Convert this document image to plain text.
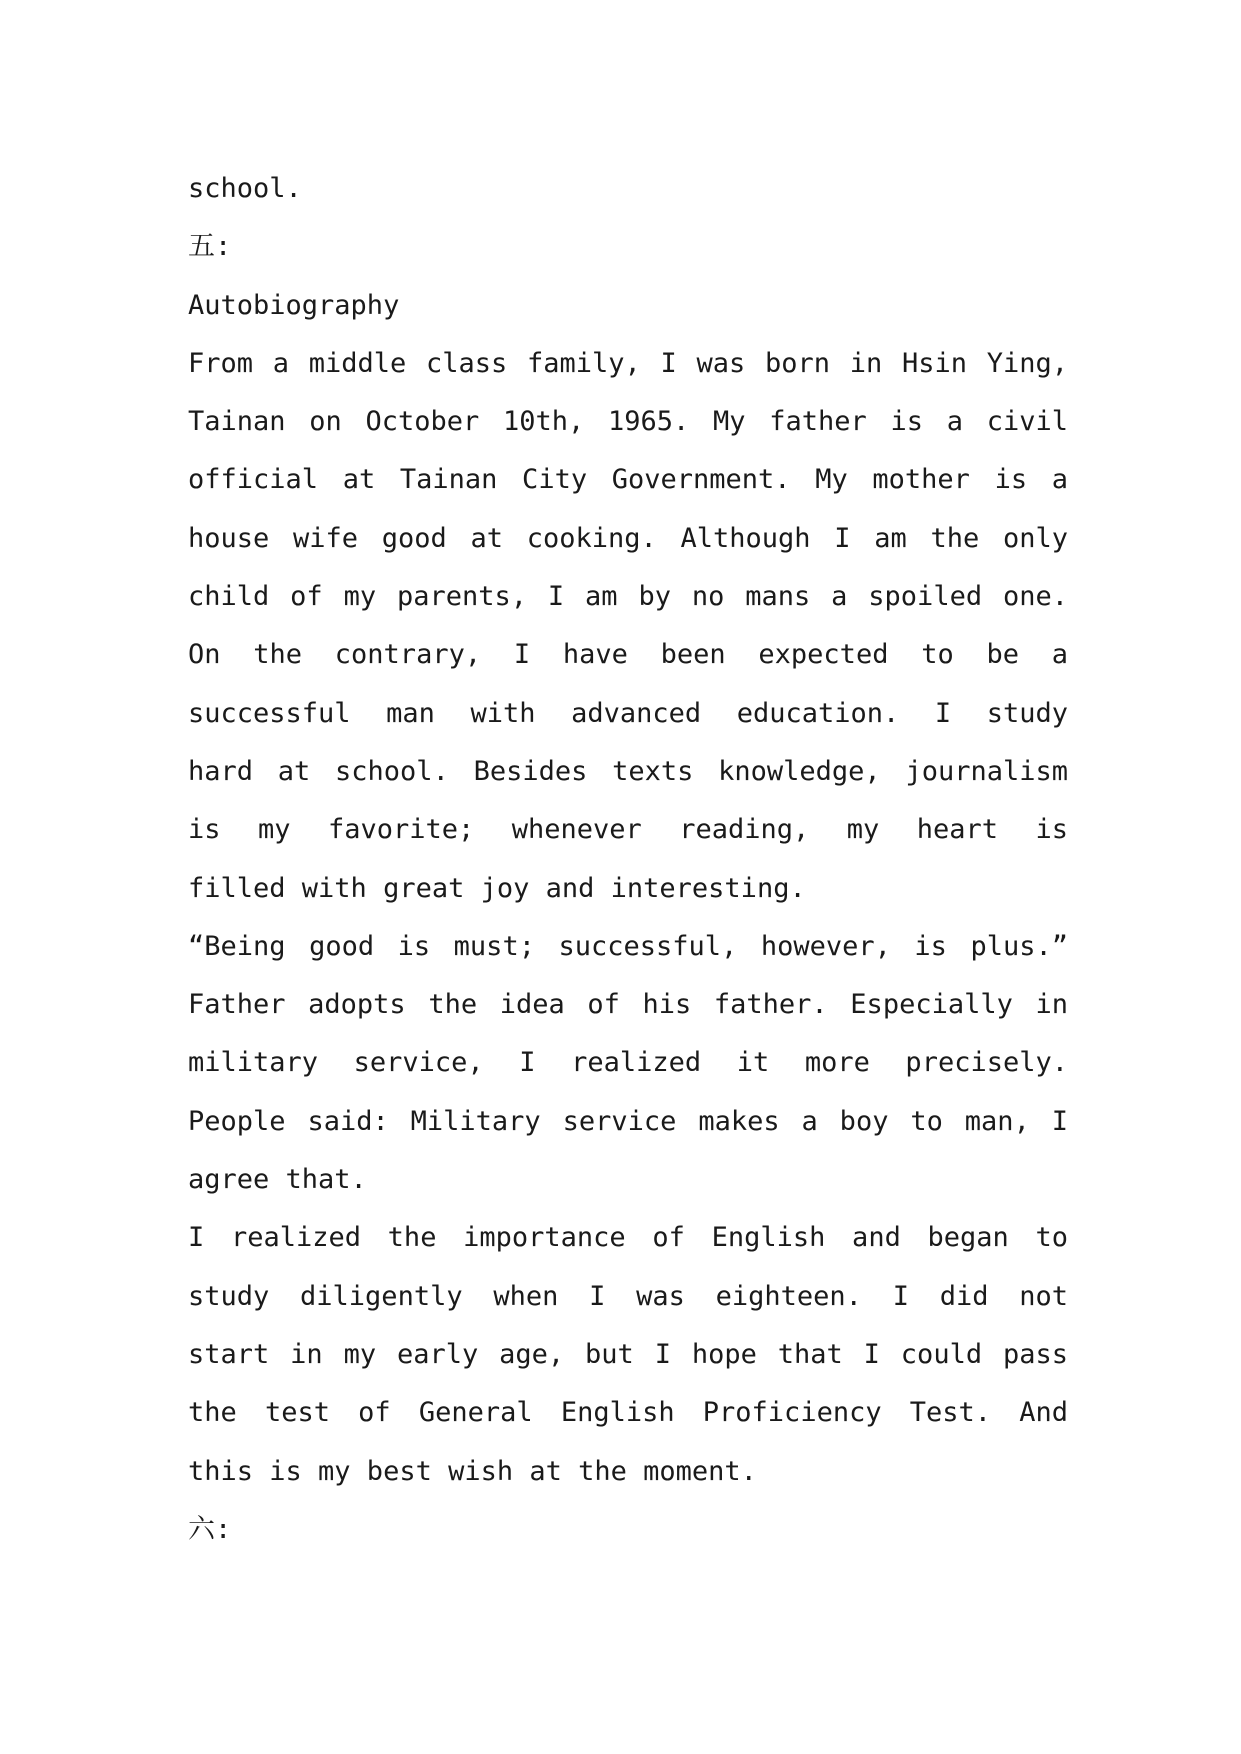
school.
五:
Autobiography
From a middle class family, I was born in Hsin Ying,
Tainan on October 10th, 1965. My father is a civil
official at Tainan City Government. My mother is a
house wife good at cooking. Although I am the only
child of my parents, I am by no mans a spoiled one.
On the contrary, I have been expected to be a
successful man with advanced education. I study
hard at school. Besides texts knowledge, journalism
is my favorite; whenever reading, my heart is
filled with great joy and interesting.
“Being good is must; successful, however, is plus.”
Father adopts the idea of his father. Especially in
military service, I realized it more precisely.
People said: Military service makes a boy to man, I
agree that.
I realized the importance of English and began to
study diligently when I was eighteen. I did not
start in my early age, but I hope that I could pass
the test of General English Proficiency Test. And
this is my best wish at the moment.
六:
